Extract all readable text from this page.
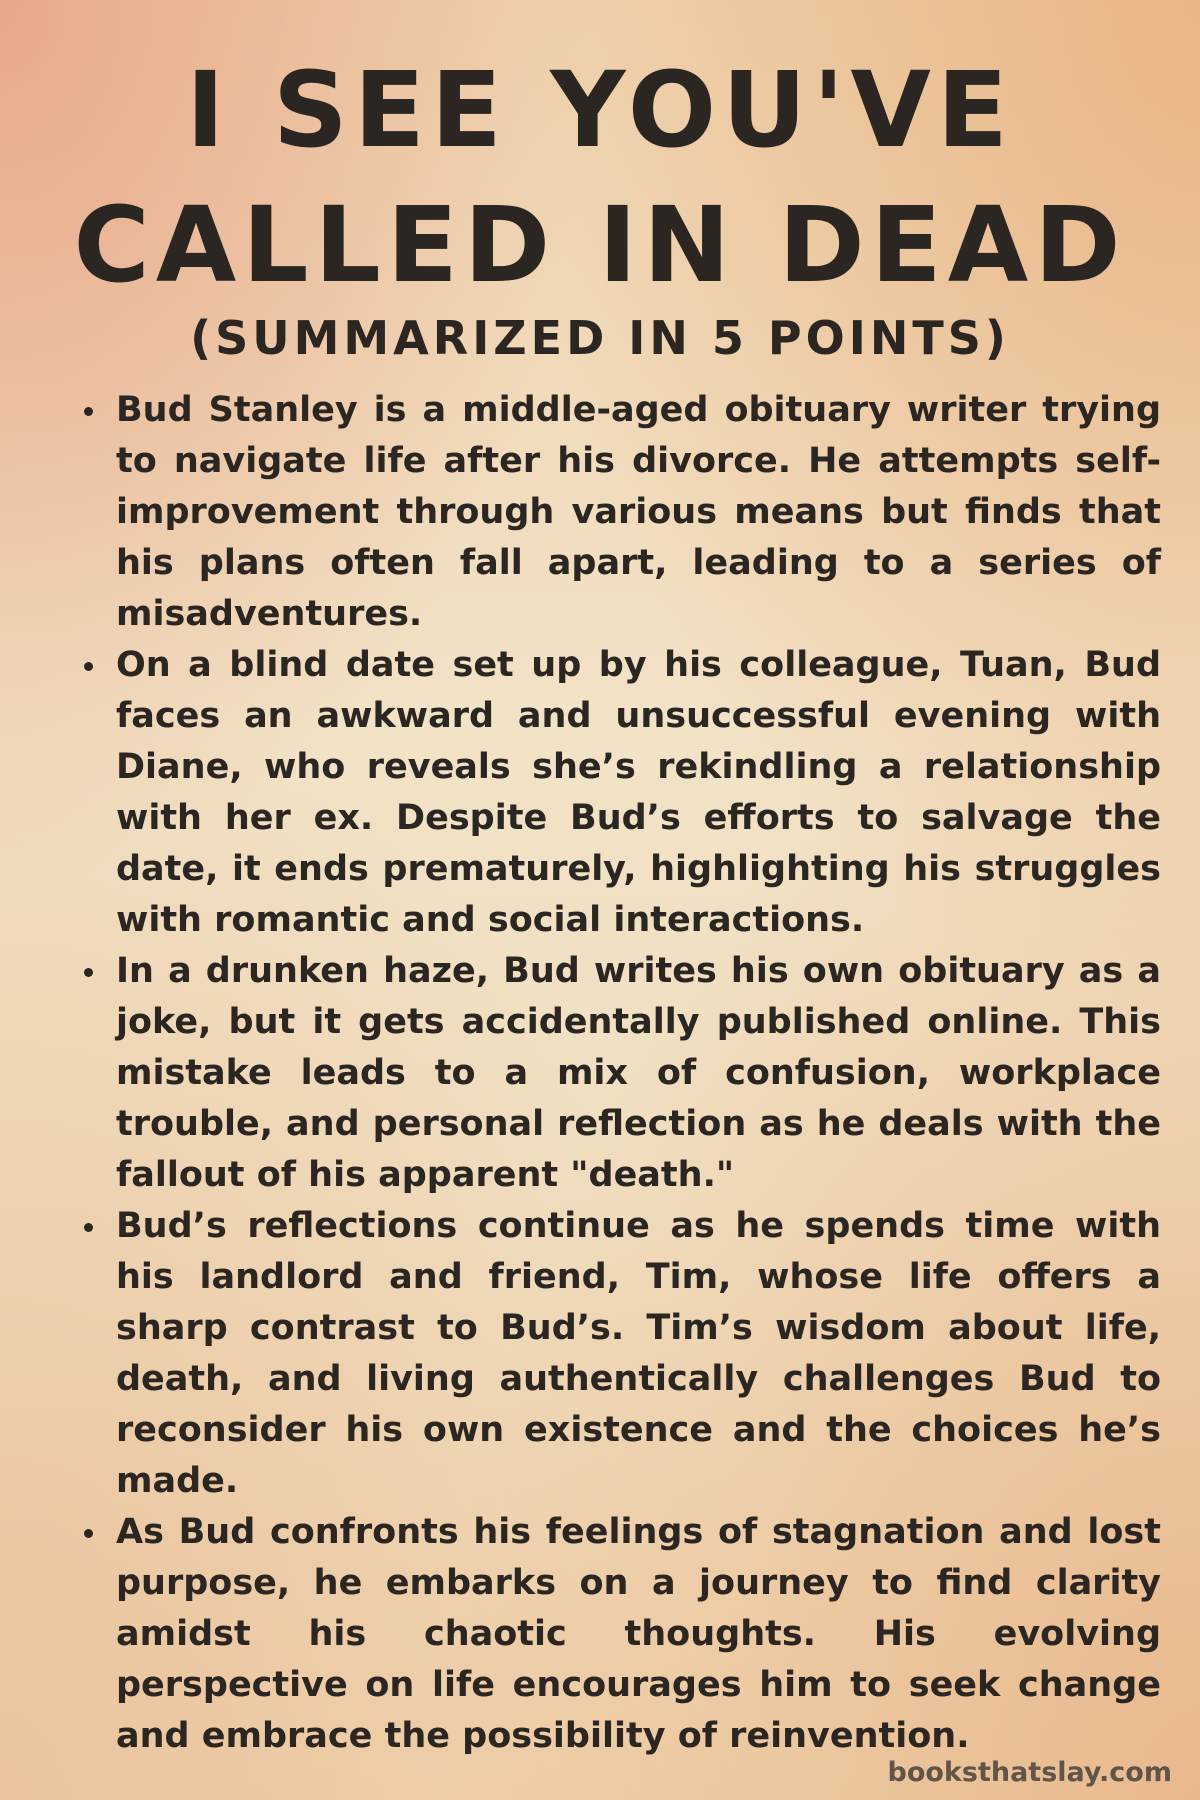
I SEE YOU'VE
CALLED IN DEAD
(SUMMARIZED IN 5 POINTS)
Bud Stanley is a middle-aged obituary writer trying to navigate life after his divorce. He attempts self-improvement through various means but finds that his plans often fall apart, leading to a series of misadventures.
On a blind date set up by his colleague, Tuan, Bud faces an awkward and unsuccessful evening with Diane, who reveals she’s rekindling a relationship with her ex. Despite Bud’s efforts to salvage the date, it ends prematurely, highlighting his struggles with romantic and social interactions.
In a drunken haze, Bud writes his own obituary as a joke, but it gets accidentally published online. This mistake leads to a mix of confusion, workplace trouble, and personal reflection as he deals with the fallout of his apparent "death."
Bud’s reflections continue as he spends time with his landlord and friend, Tim, whose life offers a sharp contrast to Bud’s. Tim’s wisdom about life, death, and living authentically challenges Bud to reconsider his own existence and the choices he’s made.
As Bud confronts his feelings of stagnation and lost purpose, he embarks on a journey to find clarity amidst his chaotic thoughts. His evolving perspective on life encourages him to seek change and embrace the possibility of reinvention.
booksthatslay.com
